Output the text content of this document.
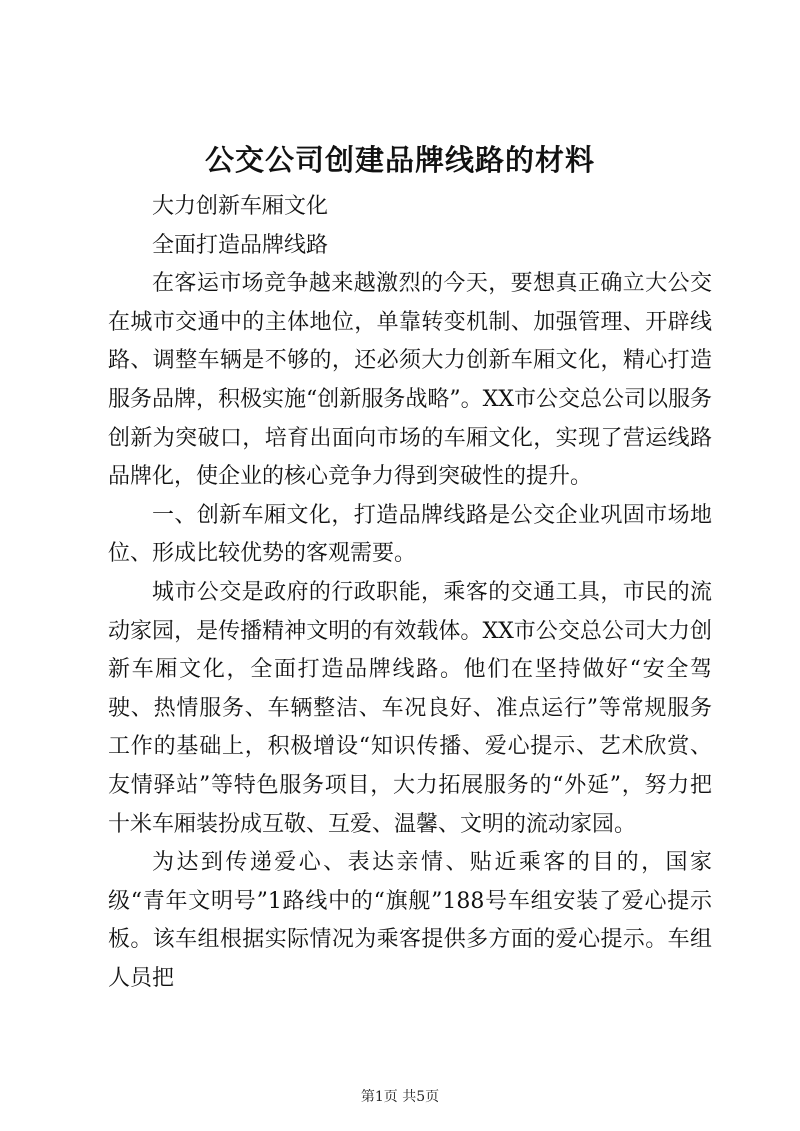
公交公司创建品牌线路的材料

大力创新车厢文化

全面打造品牌线路

在客运市场竞争越来越激烈的今天，要想真正确立大公交在城市交通中的主体地位，单靠转变机制、加强管理、开辟线路、调整车辆是不够的，还必须大力创新车厢文化，精心打造服务品牌，积极实施“创新服务战略”。XX市公交总公司以服务创新为突破口，培育出面向市场的车厢文化，实现了营运线路品牌化，使企业的核心竞争力得到突破性的提升。

一、创新车厢文化，打造品牌线路是公交企业巩固市场地位、形成比较优势的客观需要。

城市公交是政府的行政职能，乘客的交通工具，市民的流动家园，是传播精神文明的有效载体。XX市公交总公司大力创新车厢文化，全面打造品牌线路。他们在坚持做好“安全驾驶、热情服务、车辆整洁、车况良好、准点运行”等常规服务工作的基础上，积极增设“知识传播、爱心提示、艺术欣赏、友情驿站”等特色服务项目，大力拓展服务的“外延”，努力把十米车厢装扮成互敬、互爱、温馨、文明的流动家园。

为达到传递爱心、表达亲情、贴近乘客的目的，国家级“青年文明号”1路线中的“旗舰”188号车组安装了爱心提示板。该车组根据实际情况为乘客提供多方面的爱心提示。车组人员把

第1页 共5页
